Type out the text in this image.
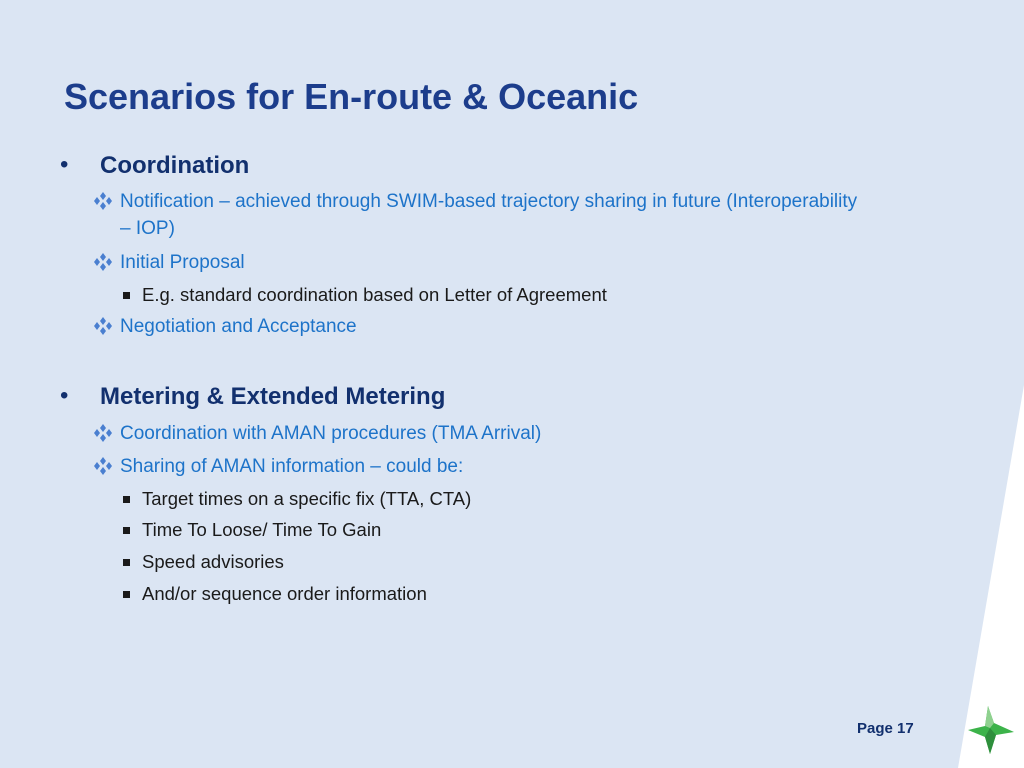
Scenarios for En-route & Oceanic
• Coordination
Notification – achieved through SWIM-based trajectory sharing in future (Interoperability – IOP)
Initial Proposal
E.g. standard coordination based on Letter of Agreement
Negotiation and Acceptance
• Metering & Extended Metering
Coordination with AMAN procedures (TMA Arrival)
Sharing of AMAN information – could be:
Target times on a specific fix (TTA, CTA)
Time To Loose/ Time To Gain
Speed advisories
And/or sequence order information
Page 17
